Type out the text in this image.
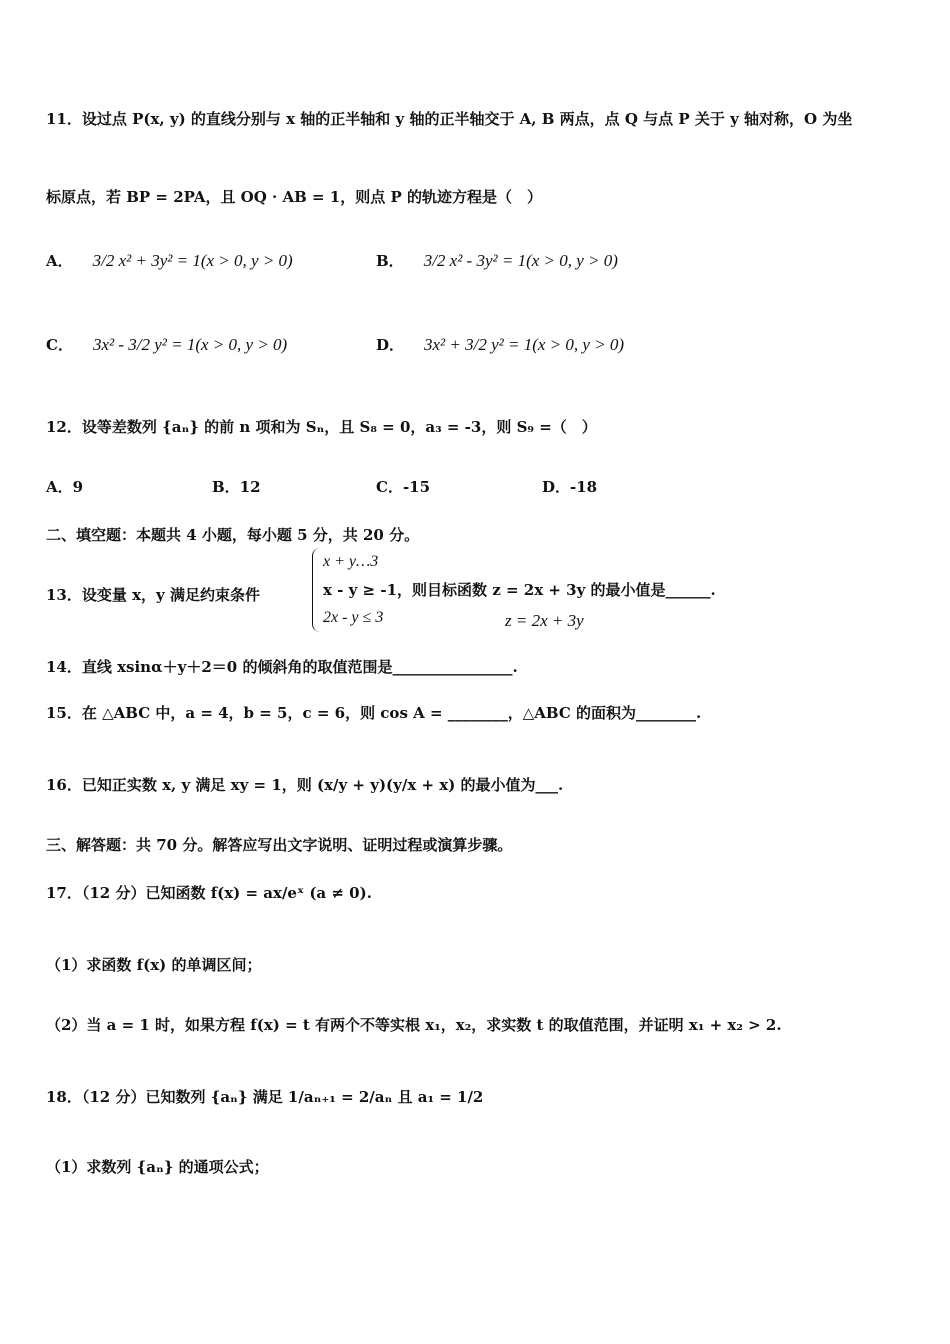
11．设过点 P(x, y) 的直线分别与 x 轴的正半轴和 y 轴的正半轴交于 A, B 两点，点 Q 与点 P 关于 y 轴对称，O 为坐
标原点，若 BP = 2PA，且 OQ · AB = 1，则点 P 的轨迹方程是（　）
A． 3/2 x² + 3y² = 1(x > 0, y > 0)	B． 3/2 x² - 3y² = 1(x > 0, y > 0)
C． 3x² - 3/2 y² = 1(x > 0, y > 0)	D． 3x² + 3/2 y² = 1(x > 0, y > 0)
12．设等差数列 {aₙ} 的前 n 项和为 Sₙ，且 S₈ = 0，a₃ = -3，则 S₉ =（　）
A．9	B．12	C．-15	D．-18
二、填空题：本题共 4 小题，每小题 5 分，共 20 分。
13．设变量 x，y 满足约束条件
x + y…3
x - y ≥ -1，则目标函数 z = 2x + 3y 的最小值是______.
2x - y ≤ 3	z = 2x + 3y
14．直线 xsinα＋y＋2＝0 的倾斜角的取值范围是________________.
15．在 △ABC 中，a = 4，b = 5，c = 6，则 cos A = ________，△ABC 的面积为________.
16．已知正实数 x, y 满足 xy = 1，则 (x/y + y)(y/x + x) 的最小值为___.
三、解答题：共 70 分。解答应写出文字说明、证明过程或演算步骤。
17．（12 分）已知函数 f(x) = ax/eˣ (a ≠ 0).
（1）求函数 f(x) 的单调区间；
（2）当 a = 1 时，如果方程 f(x) = t 有两个不等实根 x₁，x₂，求实数 t 的取值范围，并证明 x₁ + x₂ > 2.
18．（12 分）已知数列 {aₙ} 满足 1/aₙ₊₁ = 2/aₙ 且 a₁ = 1/2
（1）求数列 {aₙ} 的通项公式；
